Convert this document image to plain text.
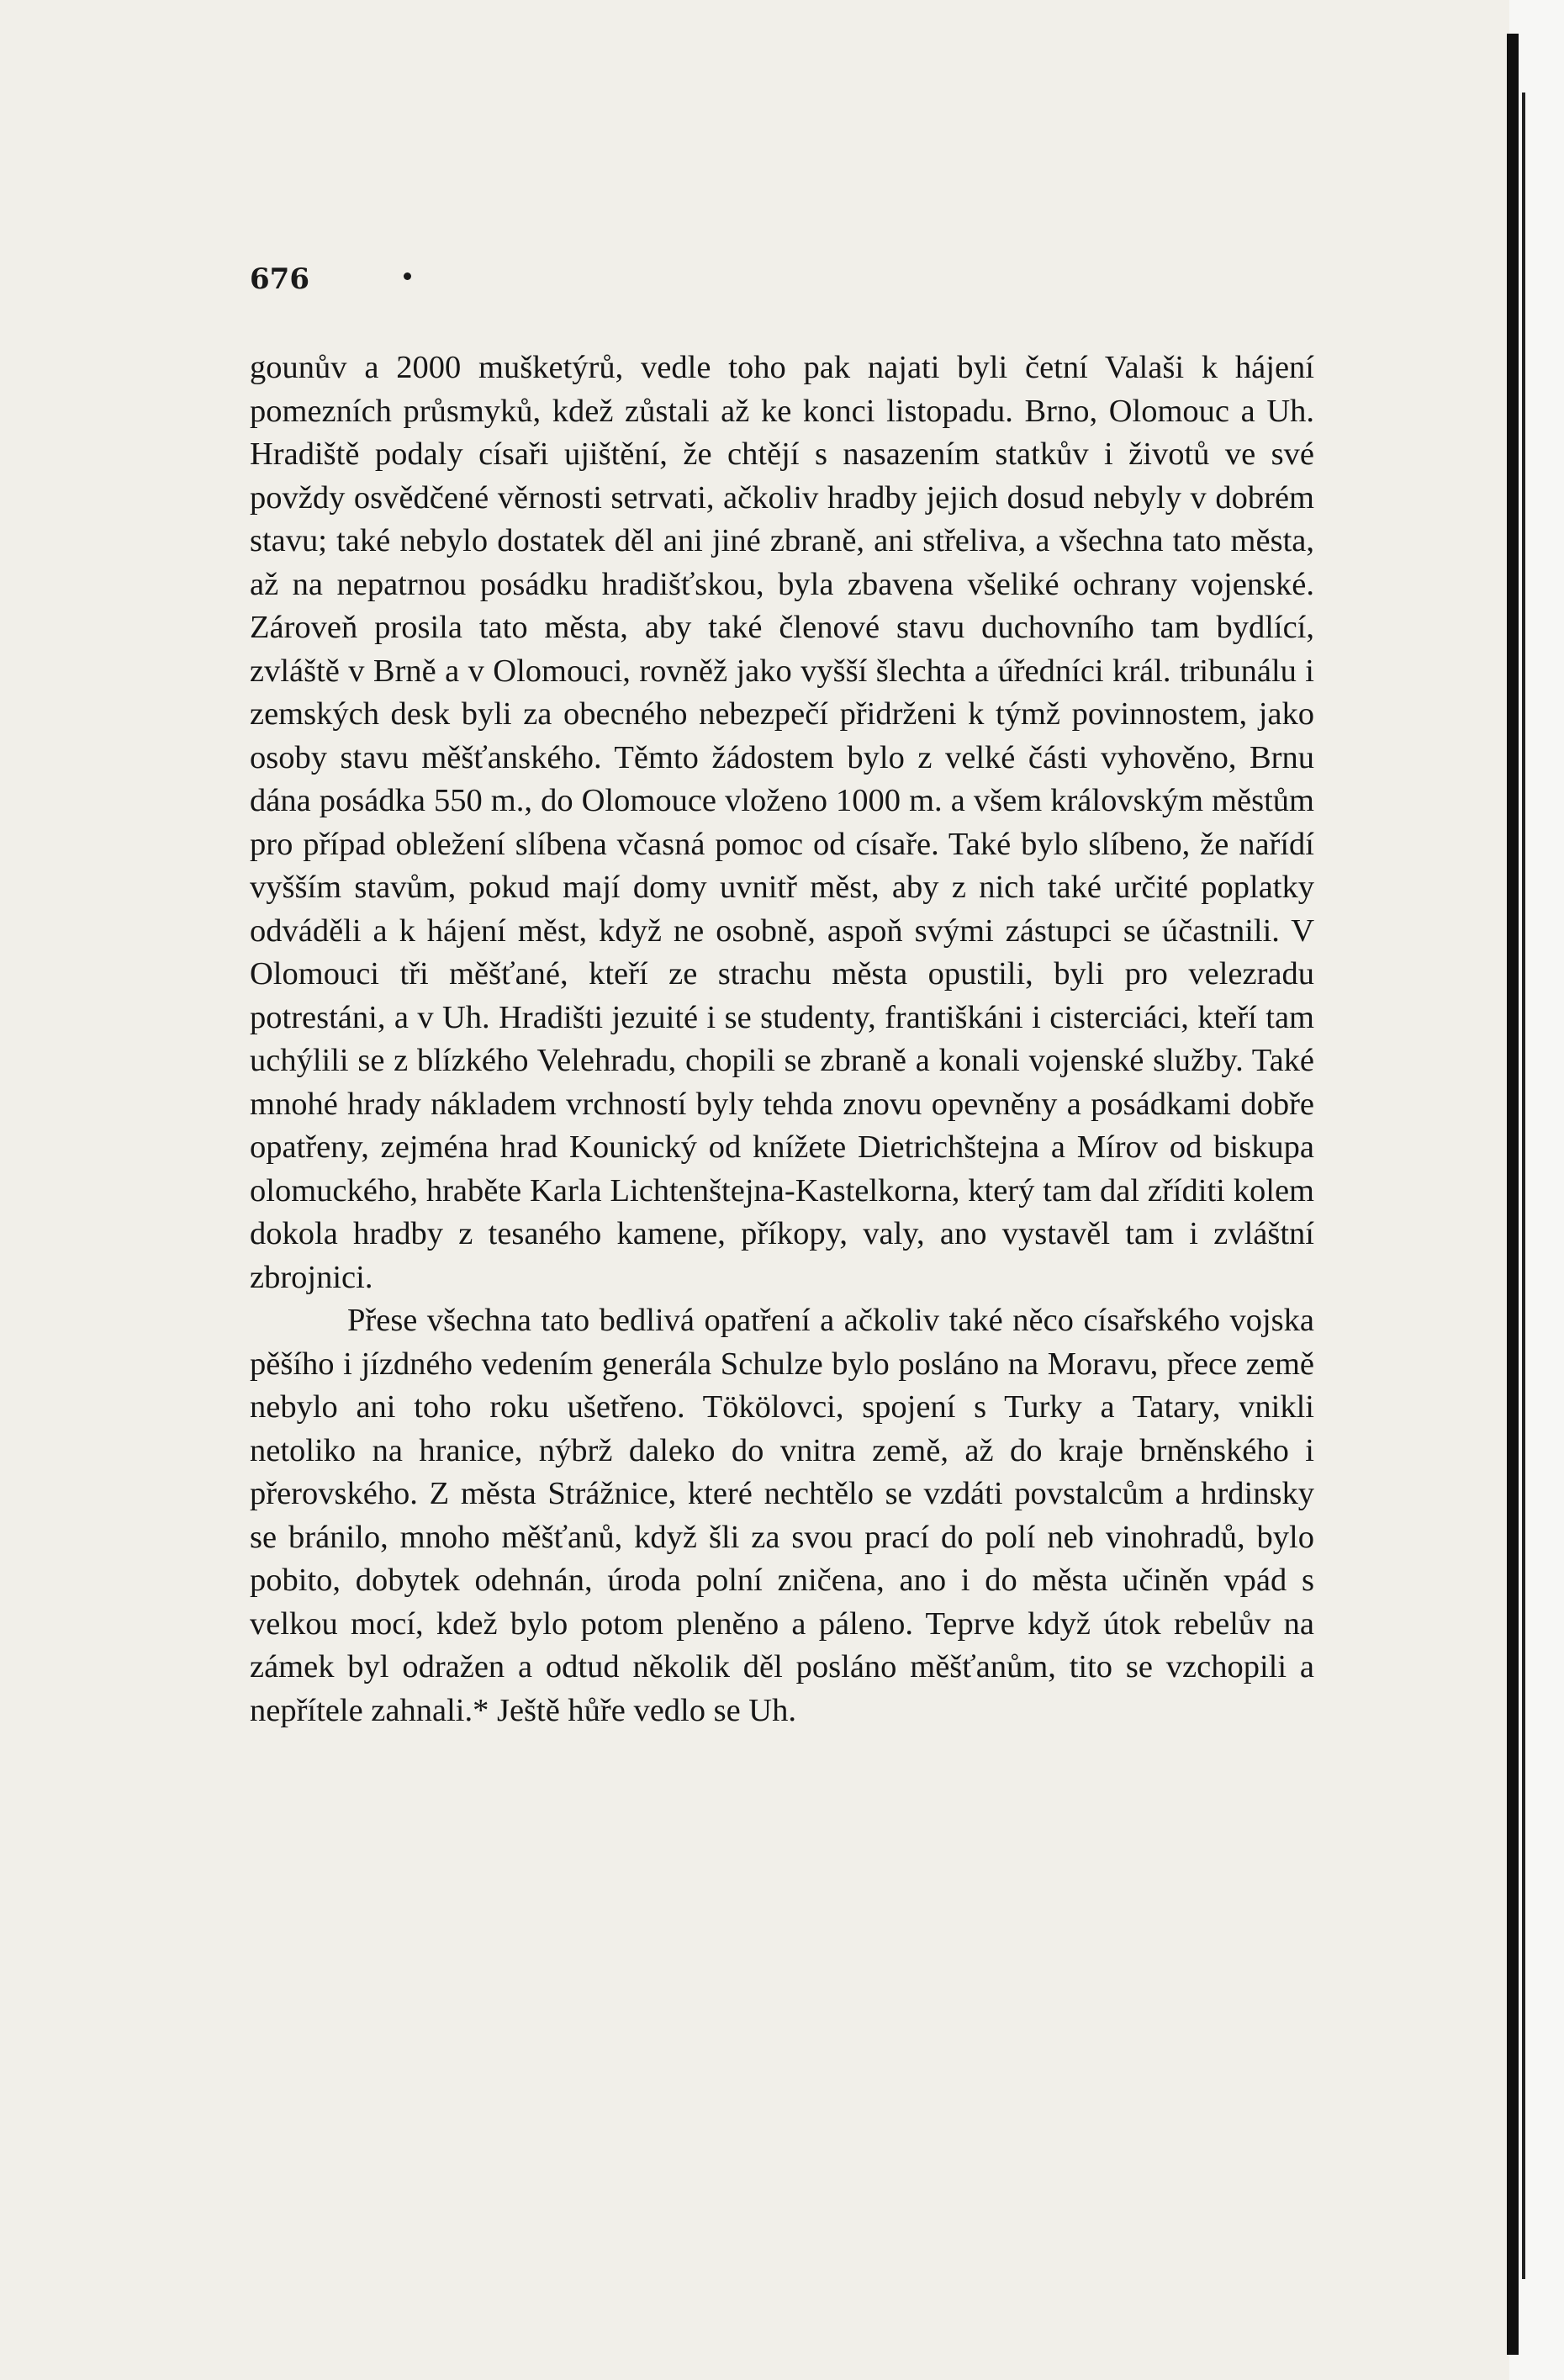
676

gounův a 2000 mušketýrů, vedle toho pak najati byli četní Valaši k hájení pomezních průsmyků, kdež zůstali až ke konci listopadu. Brno, Olomouc a Uh. Hradiště podaly císaři ujištění, že chtějí s nasazením statkův i životů ve své povždy osvědčené věrnosti setrvati, ačkoliv hradby jejich dosud nebyly v dobrém stavu; také nebylo dostatek děl ani jiné zbraně, ani střeliva, a všechna tato města, až na nepatrnou posádku hradišťskou, byla zbavena všeliké ochrany vojenské. Zároveň prosila tato města, aby také členové stavu duchovního tam bydlící, zvláště v Brně a v Olomouci, rovněž jako vyšší šlechta a úředníci král. tribunálu i zemských desk byli za obecného nebezpečí přidrženi k týmž povinnostem, jako osoby stavu měšťanského. Těmto žádostem bylo z velké části vyhověno, Brnu dána posádka 550 m., do Olomouce vloženo 1000 m. a všem královským městům pro případ obležení slíbena včasná pomoc od císaře. Také bylo slíbeno, že nařídí vyšším stavům, pokud mají domy uvnitř měst, aby z nich také určité poplatky odváděli a k hájení měst, když ne osobně, aspoň svými zástupci se účastnili. V Olomouci tři měšťané, kteří ze strachu města opustili, byli pro velezradu potrestáni, a v Uh. Hradišti jezuité i se studenty, františkáni i cisterciáci, kteří tam uchýlili se z blízkého Velehradu, chopili se zbraně a konali vojenské služby. Také mnohé hrady nákladem vrchností byly tehda znovu opevněny a posádkami dobře opatřeny, zejména hrad Kounický od knížete Dietrichštejna a Mírov od biskupa olomuckého, hraběte Karla Lichtenštejna-Kastelkorna, který tam dal zříditi kolem dokola hradby z tesaného kamene, příkopy, valy, ano vystavěl tam i zvláštní zbrojnici.

Přese všechna tato bedlivá opatření a ačkoliv také něco císařského vojska pěšího i jízdného vedením generála Schulze bylo posláno na Moravu, přece země nebylo ani toho roku ušetřeno. Tökölovci, spojení s Turky a Tatary, vnikli netoliko na hranice, nýbrž daleko do vnitra země, až do kraje brněnského i přerovského. Z města Strážnice, které nechtělo se vzdáti povstalcům a hrdinsky se bránilo, mnoho měšťanů, když šli za svou prací do polí neb vinohradů, bylo pobito, dobytek odehnán, úroda polní zničena, ano i do města učiněn vpád s velkou mocí, kdež bylo potom pleněno a páleno. Teprve když útok rebelův na zámek byl odražen a odtud několik děl posláno měšťanům, tito se vzchopili a nepřítele zahnali.* Ještě hůře vedlo se Uh.
